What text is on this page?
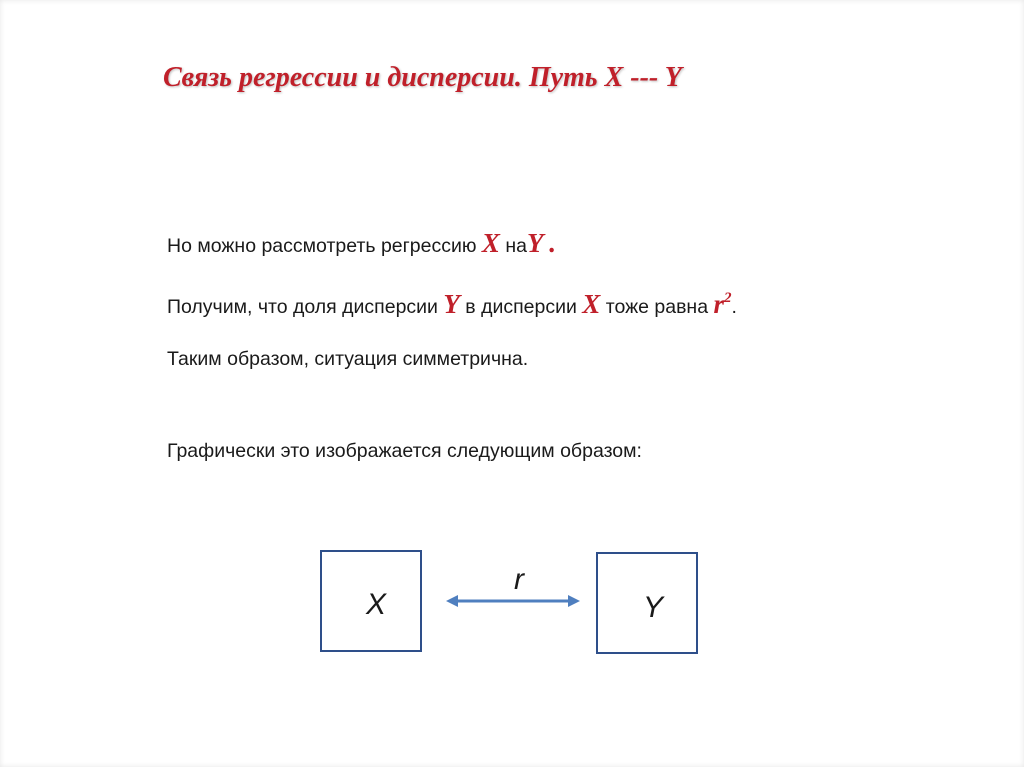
Связь регрессии и дисперсии. Путь X --- Y
Но можно рассмотреть регрессию X наY .
Получим, что доля дисперсии Y в дисперсии X тоже равна $r^2$.
Таким образом, ситуация симметрична.
Графически это изображается следующим образом:
X
r
Y
